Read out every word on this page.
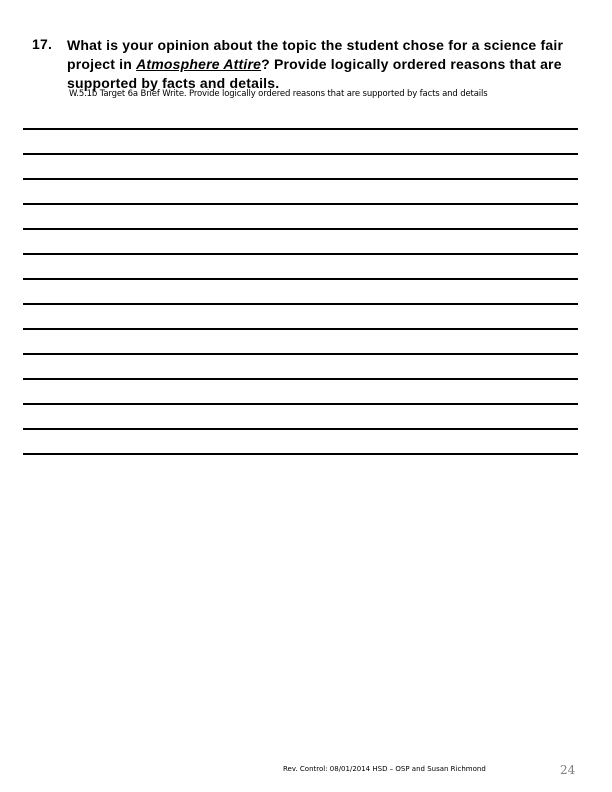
17. What is your opinion about the topic the student chose for a science fair project in Atmosphere Attire? Provide logically ordered reasons that are supported by facts and details.
W.5.1b Target 6a Brief Write. Provide logically ordered reasons that are supported by facts and details
Rev. Control: 08/01/2014 HSD – OSP and Susan Richmond	24
